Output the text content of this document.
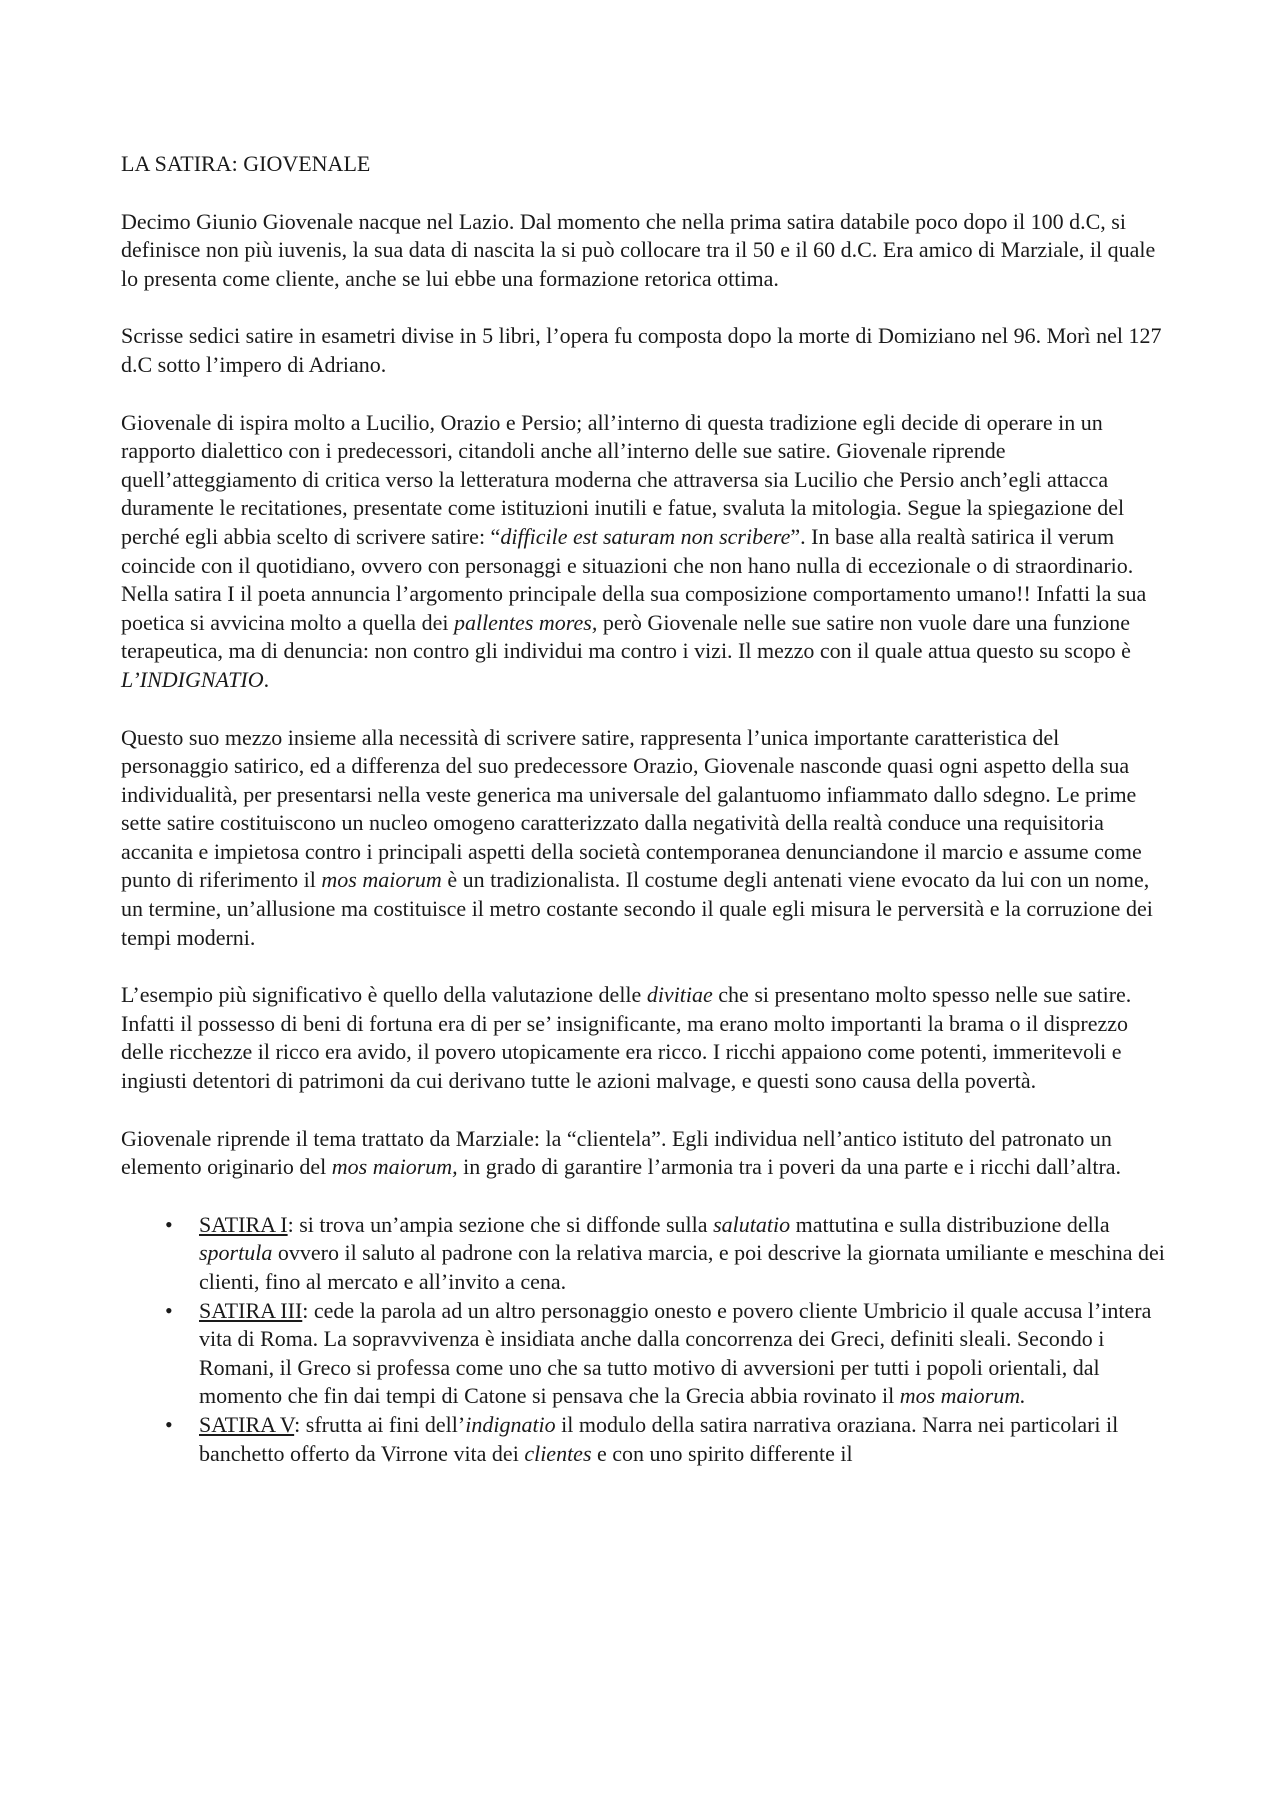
LA SATIRA: GIOVENALE

Decimo Giunio Giovenale nacque nel Lazio. Dal momento che nella prima satira databile poco dopo il 100 d.C, si definisce non più iuvenis, la sua data di nascita la si può collocare tra il 50 e il 60 d.C. Era amico di Marziale, il quale lo presenta come cliente, anche se lui ebbe una formazione retorica ottima.

Scrisse sedici satire in esametri divise in 5 libri, l’opera fu composta dopo la morte di Domiziano nel 96. Morì nel 127 d.C sotto l’impero di Adriano.

Giovenale di ispira molto a Lucilio, Orazio e Persio; all’interno di questa tradizione egli decide di operare in un rapporto dialettico con i predecessori, citandoli anche all’interno delle sue satire. Giovenale riprende quell’atteggiamento di critica verso la letteratura moderna che attraversa sia Lucilio che Persio anch’egli attacca duramente le recitationes, presentate come istituzioni inutili e fatue, svaluta la mitologia. Segue la spiegazione del perché egli abbia scelto di scrivere satire: “difficile est saturam non scribere”. In base alla realtà satirica il verum coincide con il quotidiano, ovvero con personaggi e situazioni che non hano nulla di eccezionale o di straordinario.

Nella satira I il poeta annuncia l’argomento principale della sua composizione comportamento umano!! Infatti la sua poetica si avvicina molto a quella dei pallentes mores, però Giovenale nelle sue satire non vuole dare una funzione terapeutica, ma di denuncia: non contro gli individui ma contro i vizi. Il mezzo con il quale attua questo su scopo è L’INDIGNATIO.

Questo suo mezzo insieme alla necessità di scrivere satire, rappresenta l’unica importante caratteristica del personaggio satirico, ed a differenza del suo predecessore Orazio, Giovenale nasconde quasi ogni aspetto della sua individualità, per presentarsi nella veste generica ma universale del galantuomo infiammato dallo sdegno. Le prime sette satire costituiscono un nucleo omogeno caratterizzato dalla negatività della realtà conduce una requisitoria accanita e impietosa contro i principali aspetti della società contemporanea denunciandone il marcio e assume come punto di riferimento il mos maiorum è un tradizionalista. Il costume degli antenati viene evocato da lui con un nome, un termine, un’allusione ma costituisce il metro costante secondo il quale egli misura le perversità e la corruzione dei tempi moderni.

L’esempio più significativo è quello della valutazione delle divitiae che si presentano molto spesso nelle sue satire. Infatti il possesso di beni di fortuna era di per se’ insignificante, ma erano molto importanti la brama o il disprezzo delle ricchezze il ricco era avido, il povero utopicamente era ricco. I ricchi appaiono come potenti, immeritevoli e ingiusti detentori di patrimoni da cui derivano tutte le azioni malvage, e questi sono causa della povertà.

Giovenale riprende il tema trattato da Marziale: la “clientela”. Egli individua nell’antico istituto del patronato un elemento originario del mos maiorum, in grado di garantire l’armonia tra i poveri da una parte e i ricchi dall’altra.

• SATIRA I: si trova un’ampia sezione che si diffonde sulla salutatio mattutina e sulla distribuzione della sportula ovvero il saluto al padrone con la relativa marcia, e poi descrive la giornata umiliante e meschina dei clienti, fino al mercato e all’invito a cena.
• SATIRA III: cede la parola ad un altro personaggio onesto e povero cliente Umbricio il quale accusa l’intera vita di Roma. La sopravvivenza è insidiata anche dalla concorrenza dei Greci, definiti sleali. Secondo i Romani, il Greco si professa come uno che sa tutto motivo di avversioni per tutti i popoli orientali, dal momento che fin dai tempi di Catone si pensava che la Grecia abbia rovinato il mos maiorum.
• SATIRA V: sfrutta ai fini dell’indignatio il modulo della satira narrativa oraziana. Narra nei particolari il banchetto offerto da Virrone vita dei clientes e con uno spirito differente il
